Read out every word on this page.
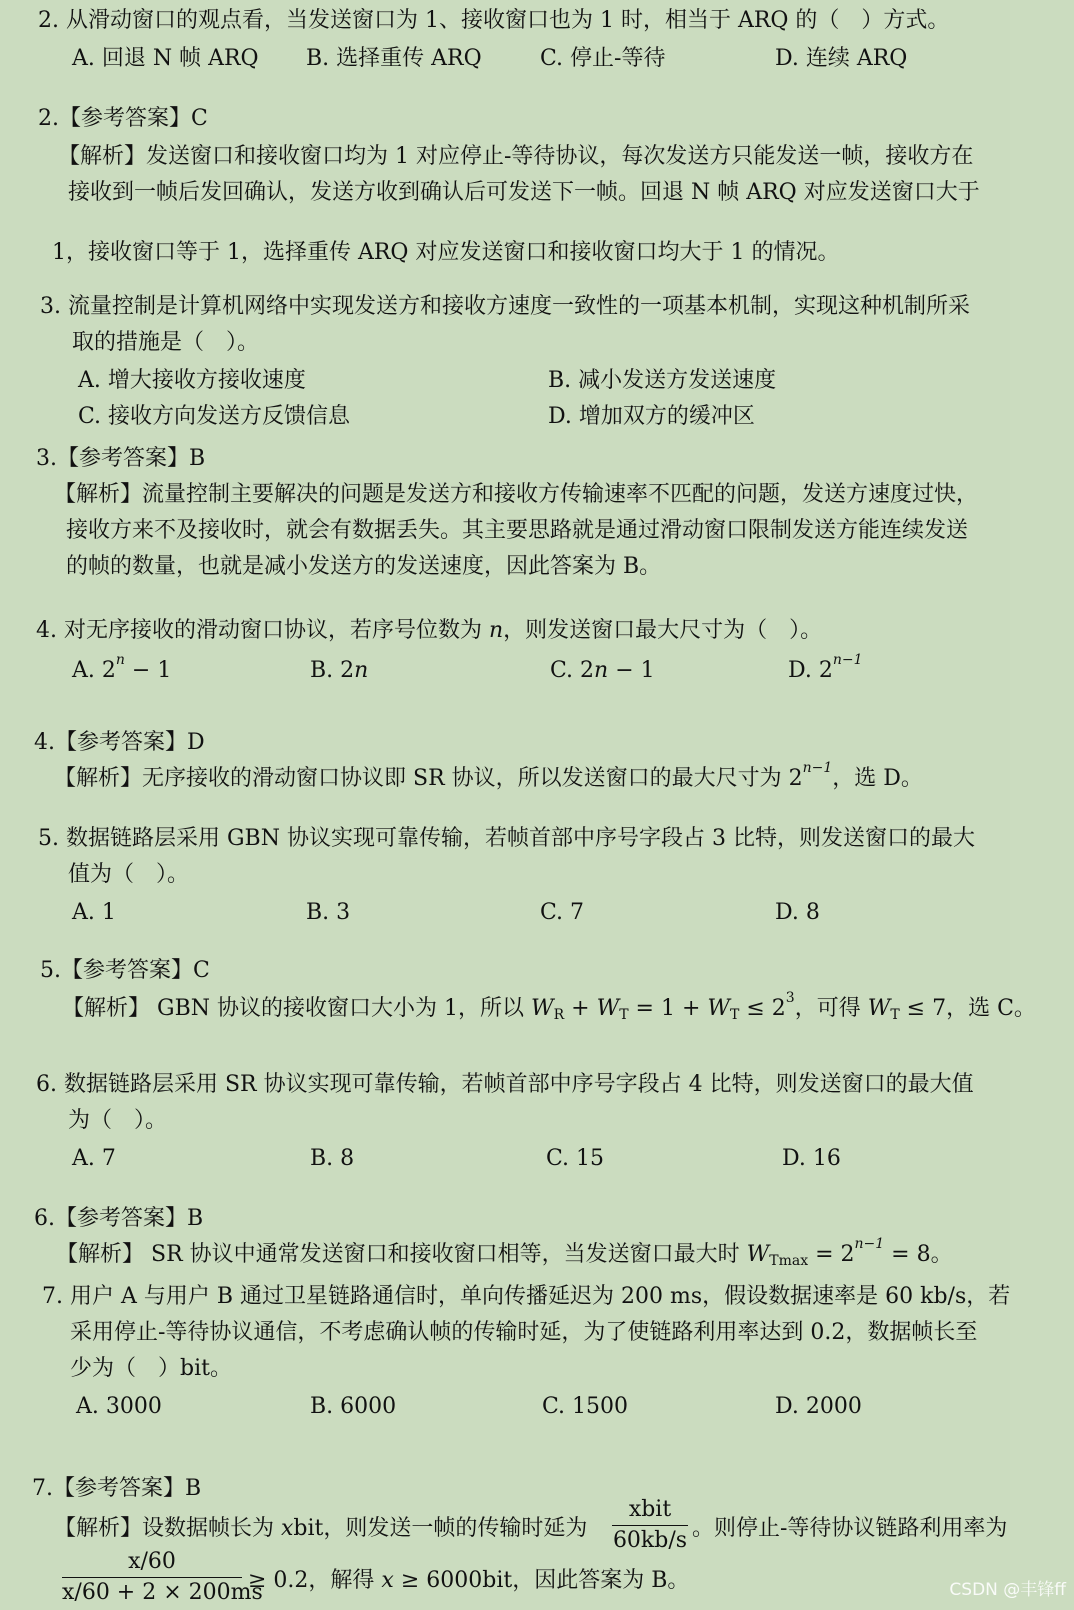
2. 从滑动窗口的观点看，当发送窗口为 1、接收窗口也为 1 时，相当于 ARQ 的（　）方式。
A. 回退 N 帧 ARQ B. 选择重传 ARQ	C. 停止-等待	D. 连续 ARQ
2.【参考答案】C
【解析】发送窗口和接收窗口均为 1 对应停止-等待协议，每次发送方只能发送一帧，接收方在
接收到一帧后发回确认，发送方收到确认后可发送下一帧。回退 N 帧 ARQ 对应发送窗口大于
1，接收窗口等于 1，选择重传 ARQ 对应发送窗口和接收窗口均大于 1 的情况。
3. 流量控制是计算机网络中实现发送方和接收方速度一致性的一项基本机制，实现这种机制所采
取的措施是（　）。
A. 增大接收方接收速度	B. 减小发送方发送速度
C. 接收方向发送方反馈信息	D. 增加双方的缓冲区
3.【参考答案】B
【解析】流量控制主要解决的问题是发送方和接收方传输速率不匹配的问题，发送方速度过快，
接收方来不及接收时，就会有数据丢失。其主要思路就是通过滑动窗口限制发送方能连续发送
的帧的数量，也就是减小发送方的发送速度，因此答案为 B。
4. 对无序接收的滑动窗口协议，若序号位数为 n，则发送窗口最大尺寸为（　）。
A. $2^n - 1$	B. 2n	C. 2n − 1	D. $2^{n-1}$
4.【参考答案】D
【解析】无序接收的滑动窗口协议即 SR 协议，所以发送窗口的最大尺寸为 $2^{n-1}$，选 D。
5. 数据链路层采用 GBN 协议实现可靠传输，若帧首部中序号字段占 3 比特，则发送窗口的最大
值为（　）。
A. 1	B. 3	C. 7	D. 8
5.【参考答案】C
【解析】 GBN 协议的接收窗口大小为 1，所以 $W_R + W_T = 1 + W_T \le 2^3$，可得 $W_T \le 7$，选 C。
6. 数据链路层采用 SR 协议实现可靠传输，若帧首部中序号字段占 4 比特，则发送窗口的最大值
为（　）。
A. 7	B. 8	C. 15	D. 16
6.【参考答案】B
【解析】 SR 协议中通常发送窗口和接收窗口相等，当发送窗口最大时 $W_{Tmax} = 2^{n-1} = 8$。
7. 用户 A 与用户 B 通过卫星链路通信时，单向传播延迟为 200 ms，假设数据速率是 60 kb/s，若
采用停止-等待协议通信，不考虑确认帧的传输时延，为了使链路利用率达到 0.2，数据帧长至
少为（　）bit。
A. 3000	B. 6000	C. 1500	D. 2000
7.【参考答案】B
【解析】设数据帧长为 xbit，则发送一帧的传输时延为
xbit
60kb/s 。则停止-等待协议链路利用率为
x/60
x/60 + 2 × 200ms
≥ 0.2，解得 x ≥ 6000bit，因此答案为 B。	CSDN @丰锋ff
